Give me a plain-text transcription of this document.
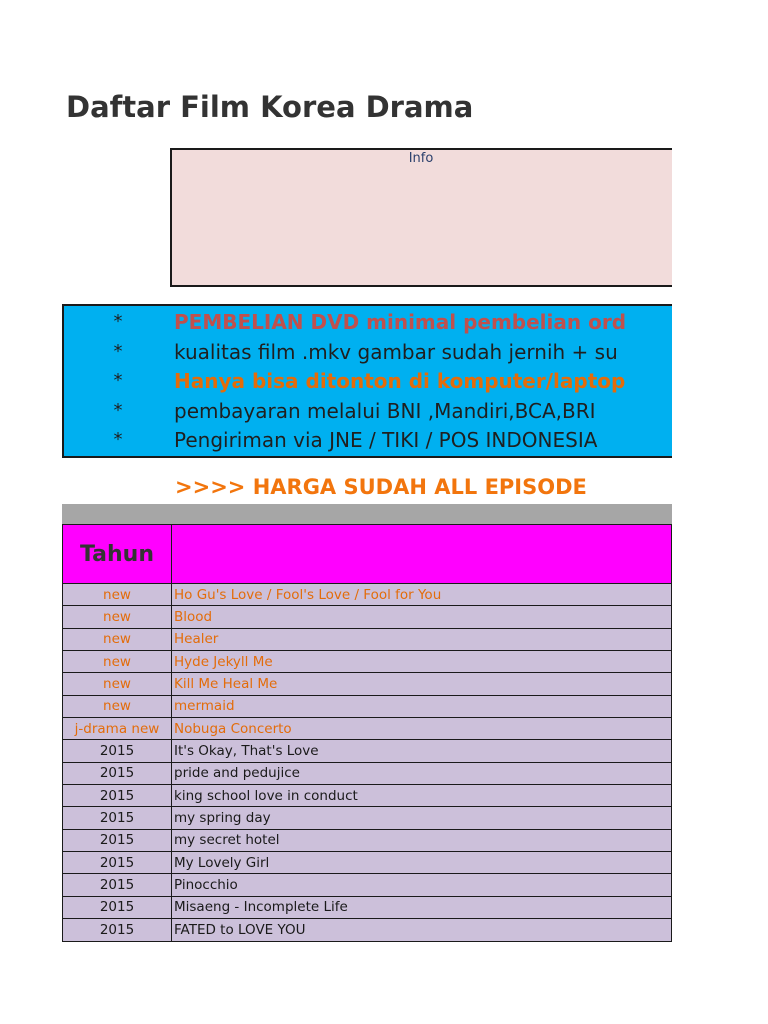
Daftar Film Korea Drama
Info
*	PEMBELIAN DVD minimal pembelian ord
*	kualitas film .mkv gambar sudah jernih + su
*	Hanya bisa ditonton di komputer/laptop
*	pembayaran melalui BNI ,Mandiri,BCA,BRI
*	Pengiriman via JNE / TIKI / POS INDONESIA
>>>> HARGA SUDAH ALL EPISODE
Tahun
new	Ho Gu's Love / Fool's Love / Fool for You
new	Blood
new	Healer
new	Hyde Jekyll Me
new	Kill Me Heal Me
new	mermaid
j-drama new	Nobuga Concerto
2015	It's Okay, That's Love
2015	pride and pedujice
2015	king school love in conduct
2015	my spring day
2015	my secret hotel
2015	My Lovely Girl
2015	Pinocchio
2015	Misaeng - Incomplete Life
2015	FATED to LOVE YOU
